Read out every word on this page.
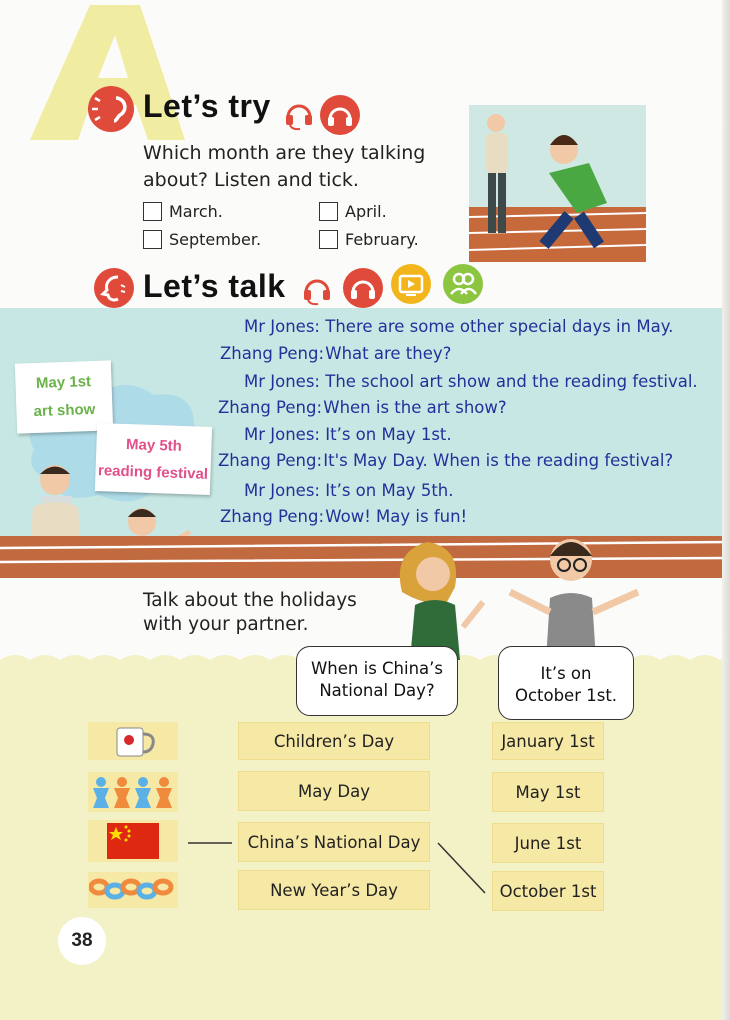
A
Let’s try
Which month are they talking
about? Listen and tick.
March.	April.
September.	February.
Let’s talk
May 1st
art show
May 5th
reading festival
Mr Jones: There are some other special days in May.
Zhang Peng: What are they?
Mr Jones: The school art show and the reading festival.
Zhang Peng: When is the art show?
Mr Jones: It’s on May 1st.
Zhang Peng: It's May Day. When is the reading festival?
Mr Jones: It’s on May 5th.
Zhang Peng: Wow! May is fun!
Talk about the holidays
with your partner.
When is China’s
National Day?
It’s on
October 1st.
Children’s Day
May Day
China’s National Day
New Year’s Day
January 1st
May 1st
June 1st
October 1st
38
